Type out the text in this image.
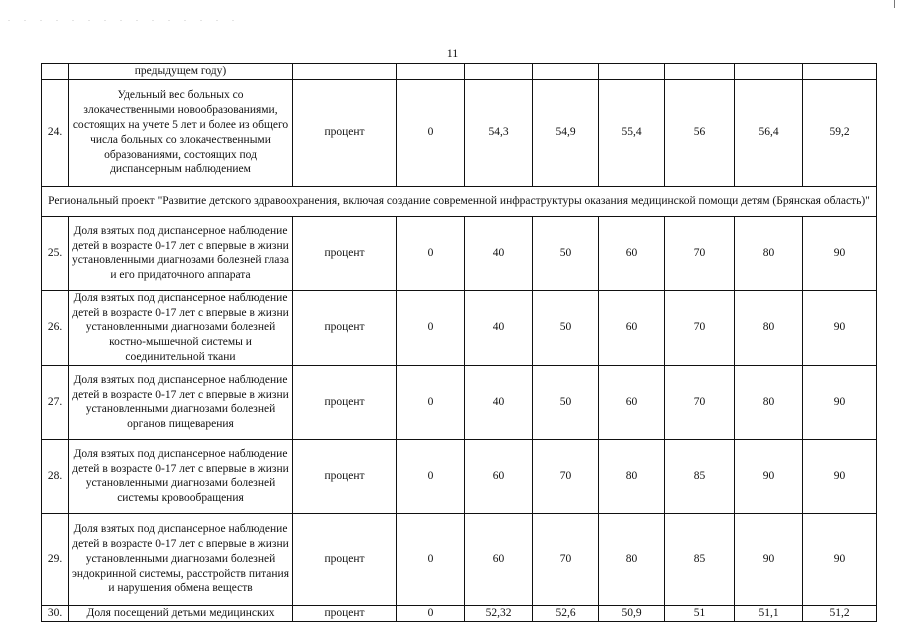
. . . . . . . . . . . . . . .
11
	предыдущем году)								
24.	Удельный вес больных со злокачественными новообразованиями, состоящих на учете 5 лет и более из общего числа больных со злокачественными образованиями, состоящих под диспансерным наблюдением	процент	0	54,3	54,9	55,4	56	56,4	59,2
Региональный проект "Развитие детского здравоохранения, включая создание современной инфраструктуры оказания медицинской помощи детям (Брянская область)"									
25.	Доля взятых под диспансерное наблюдение детей в возрасте 0-17 лет с впервые в жизни установленными диагнозами болезней глаза и его придаточного аппарата	процент	0	40	50	60	70	80	90
26.	Доля взятых под диспансерное наблюдение детей в возрасте 0-17 лет с впервые в жизни установленными диагнозами болезней костно-мышечной системы и соединительной ткани	процент	0	40	50	60	70	80	90
27.	Доля взятых под диспансерное наблюдение детей в возрасте 0-17 лет с впервые в жизни установленными диагнозами болезней органов пищеварения	процент	0	40	50	60	70	80	90
28.	Доля взятых под диспансерное наблюдение детей в возрасте 0-17 лет с впервые в жизни установленными диагнозами болезней системы кровообращения	процент	0	60	70	80	85	90	90
29.	Доля взятых под диспансерное наблюдение детей в возрасте 0-17 лет с впервые в жизни установленными диагнозами болезней эндокринной системы, расстройств питания и нарушения обмена веществ	процент	0	60	70	80	85	90	90
30.	Доля посещений детьми медицинских	процент	0	52,32	52,6	50,9	51	51,1	51,2
